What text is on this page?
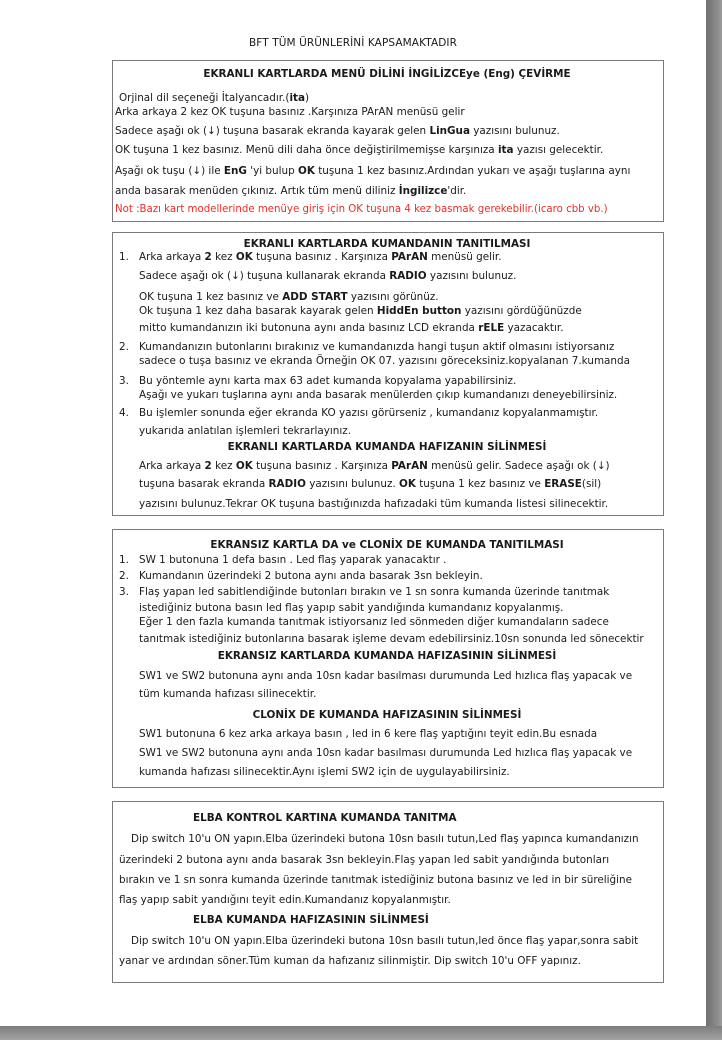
BFT TÜM ÜRÜNLERİNİ KAPSAMAKTADIR
EKRANLI KARTLARDA MENÜ DİLİNİ İNGİLİZCEye (Eng) ÇEVİRME
Orjinal dil seçeneği İtalyancadır.(ita)
Arka arkaya 2 kez OK tuşuna basınız .Karşınıza PArAN menüsü gelir
Sadece aşağı ok (↓) tuşuna basarak ekranda kayarak gelen LinGua yazısını bulunuz.
OK tuşuna 1 kez basınız. Menü dili daha önce değiştirilmemişse karşınıza ita yazısı gelecektir.
Aşağı ok tuşu (↓) ile EnG 'yi bulup OK tuşuna 1 kez basınız.Ardından yukarı ve aşağı tuşlarına aynı
anda basarak menüden çıkınız. Artık tüm menü diliniz İngilizce'dir.
Not :Bazı kart modellerinde menüye giriş için OK tuşuna 4 kez basmak gerekebilir.(icaro cbb vb.)
EKRANLI KARTLARDA KUMANDANIN TANITILMASI
1. Arka arkaya 2 kez OK tuşuna basınız . Karşınıza PArAN menüsü gelir.
Sadece aşağı ok (↓) tuşuna kullanarak ekranda RADIO yazısını bulunuz.
OK tuşuna 1 kez basınız ve ADD START yazısını görünüz.
Ok tuşuna 1 kez daha basarak kayarak gelen HiddEn button yazısını gördüğünüzde
mitto kumandanızın iki butonuna aynı anda basınız LCD ekranda rELE yazacaktır.
2. Kumandanızın butonlarını bırakınız ve kumandanızda hangi tuşun aktif olmasını istiyorsanız
sadece o tuşa basınız ve ekranda Örneğin OK 07. yazısını göreceksiniz.kopyalanan 7.kumanda
3. Bu yöntemle aynı karta max 63 adet kumanda kopyalama yapabilirsiniz.
Aşağı ve yukarı tuşlarına aynı anda basarak menülerden çıkıp kumandanızı deneyebilirsiniz.
4. Bu işlemler sonunda eğer ekranda KO yazısı görürseniz , kumandanız kopyalanmamıştır.
yukarıda anlatılan işlemleri tekrarlayınız.
EKRANLI KARTLARDA KUMANDA HAFIZANIN SİLİNMESİ
Arka arkaya 2 kez OK tuşuna basınız . Karşınıza PArAN menüsü gelir. Sadece aşağı ok (↓)
tuşuna basarak ekranda RADIO yazısını bulunuz. OK tuşuna 1 kez basınız ve ERASE(sil)
yazısını bulunuz.Tekrar OK tuşuna bastığınızda hafızadaki tüm kumanda listesi silinecektir.
EKRANSIZ KARTLA DA ve CLONİX DE KUMANDA TANITILMASI
1. SW 1 butonuna 1 defa basın . Led flaş yaparak yanacaktır .
2. Kumandanın üzerindeki 2 butona aynı anda basarak 3sn bekleyin.
3. Flaş yapan led sabitlendiğinde butonları bırakın ve 1 sn sonra kumanda üzerinde tanıtmak
istediğiniz butona basın led flaş yapıp sabit yandığında kumandanız kopyalanmış.
Eğer 1 den fazla kumanda tanıtmak istiyorsanız led sönmeden diğer kumandaların sadece
tanıtmak istediğiniz butonlarına basarak işleme devam edebilirsiniz.10sn sonunda led sönecektir
EKRANSIZ KARTLARDA KUMANDA HAFIZASININ SİLİNMESİ
SW1 ve SW2 butonuna aynı anda 10sn kadar basılması durumunda Led hızlıca flaş yapacak ve
tüm kumanda hafızası silinecektir.
CLONİX DE KUMANDA HAFIZASININ SİLİNMESİ
SW1 butonuna 6 kez arka arkaya basın , led in 6 kere flaş yaptığını teyit edin.Bu esnada
SW1 ve SW2 butonuna aynı anda 10sn kadar basılması durumunda Led hızlıca flaş yapacak ve
kumanda hafızası silinecektir.Aynı işlemi SW2 için de uygulayabilirsiniz.
ELBA KONTROL KARTINA KUMANDA TANITMA
Dip switch 10'u ON yapın.Elba üzerindeki butona 10sn basılı tutun,Led flaş yapınca kumandanızın
üzerindeki 2 butona aynı anda basarak 3sn bekleyin.Flaş yapan led sabit yandığında butonları
bırakın ve 1 sn sonra kumanda üzerinde tanıtmak istediğiniz butona basınız ve led in bir süreliğine
flaş yapıp sabit yandığını teyit edin.Kumandanız kopyalanmıştır.
ELBA KUMANDA HAFIZASININ SİLİNMESİ
Dip switch 10'u ON yapın.Elba üzerindeki butona 10sn basılı tutun,led önce flaş yapar,sonra sabit
yanar ve ardından söner.Tüm kuman da hafızanız silinmiştir. Dip switch 10'u OFF yapınız.
